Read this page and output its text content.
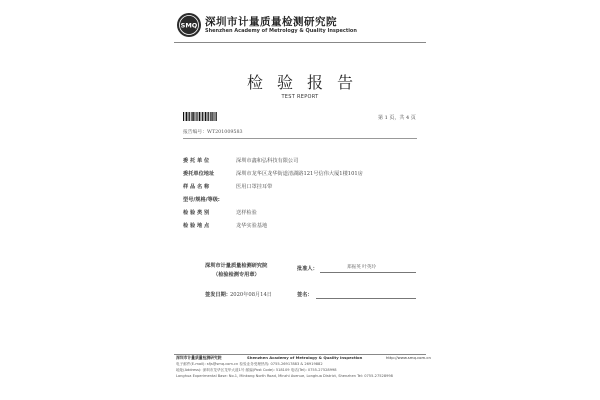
SMQ 深圳市计量质量检测研究院
Shenzhen Academy of Metrology & Quality Inspection
检验报告
TEST REPORT
第 1 页，共 4 页
报告编号：WT201009583
委 托 单 位	深圳市鑫和弘科技有限公司
委托单位地址	深圳市龙华区龙华街道清湖路121号信伟大厦1楼101房
样 品 名 称	医用口罩挂耳带
型号/规格/等级:
检 验 类 别	送样检验
检 验 地 点	龙华实验基地
深圳市计量质量检测研究院
（检验检测专用章）
批准人：	郑振英 叶英玲
签发日期： 2020年08月14日	签名：
深圳市计量质量检测研究院	Shenzhen Academy of Metrology & Quality Inspection	http://www.smq.com.cn
电子邮件(E-mail): sfjs@smq.com.cn 检验业务受理热线: 0755-26917883 & 26919882
地址(Address): 深圳市龙华区龙华大道1号 邮编(Post Code): 518109 电话(Tel): 0755-27528998
Longhua Experimental Base: No.1, Minkang North Road, Minzhi Avenue, Longhua District, Shenzhen Tel: 0755-27528998
